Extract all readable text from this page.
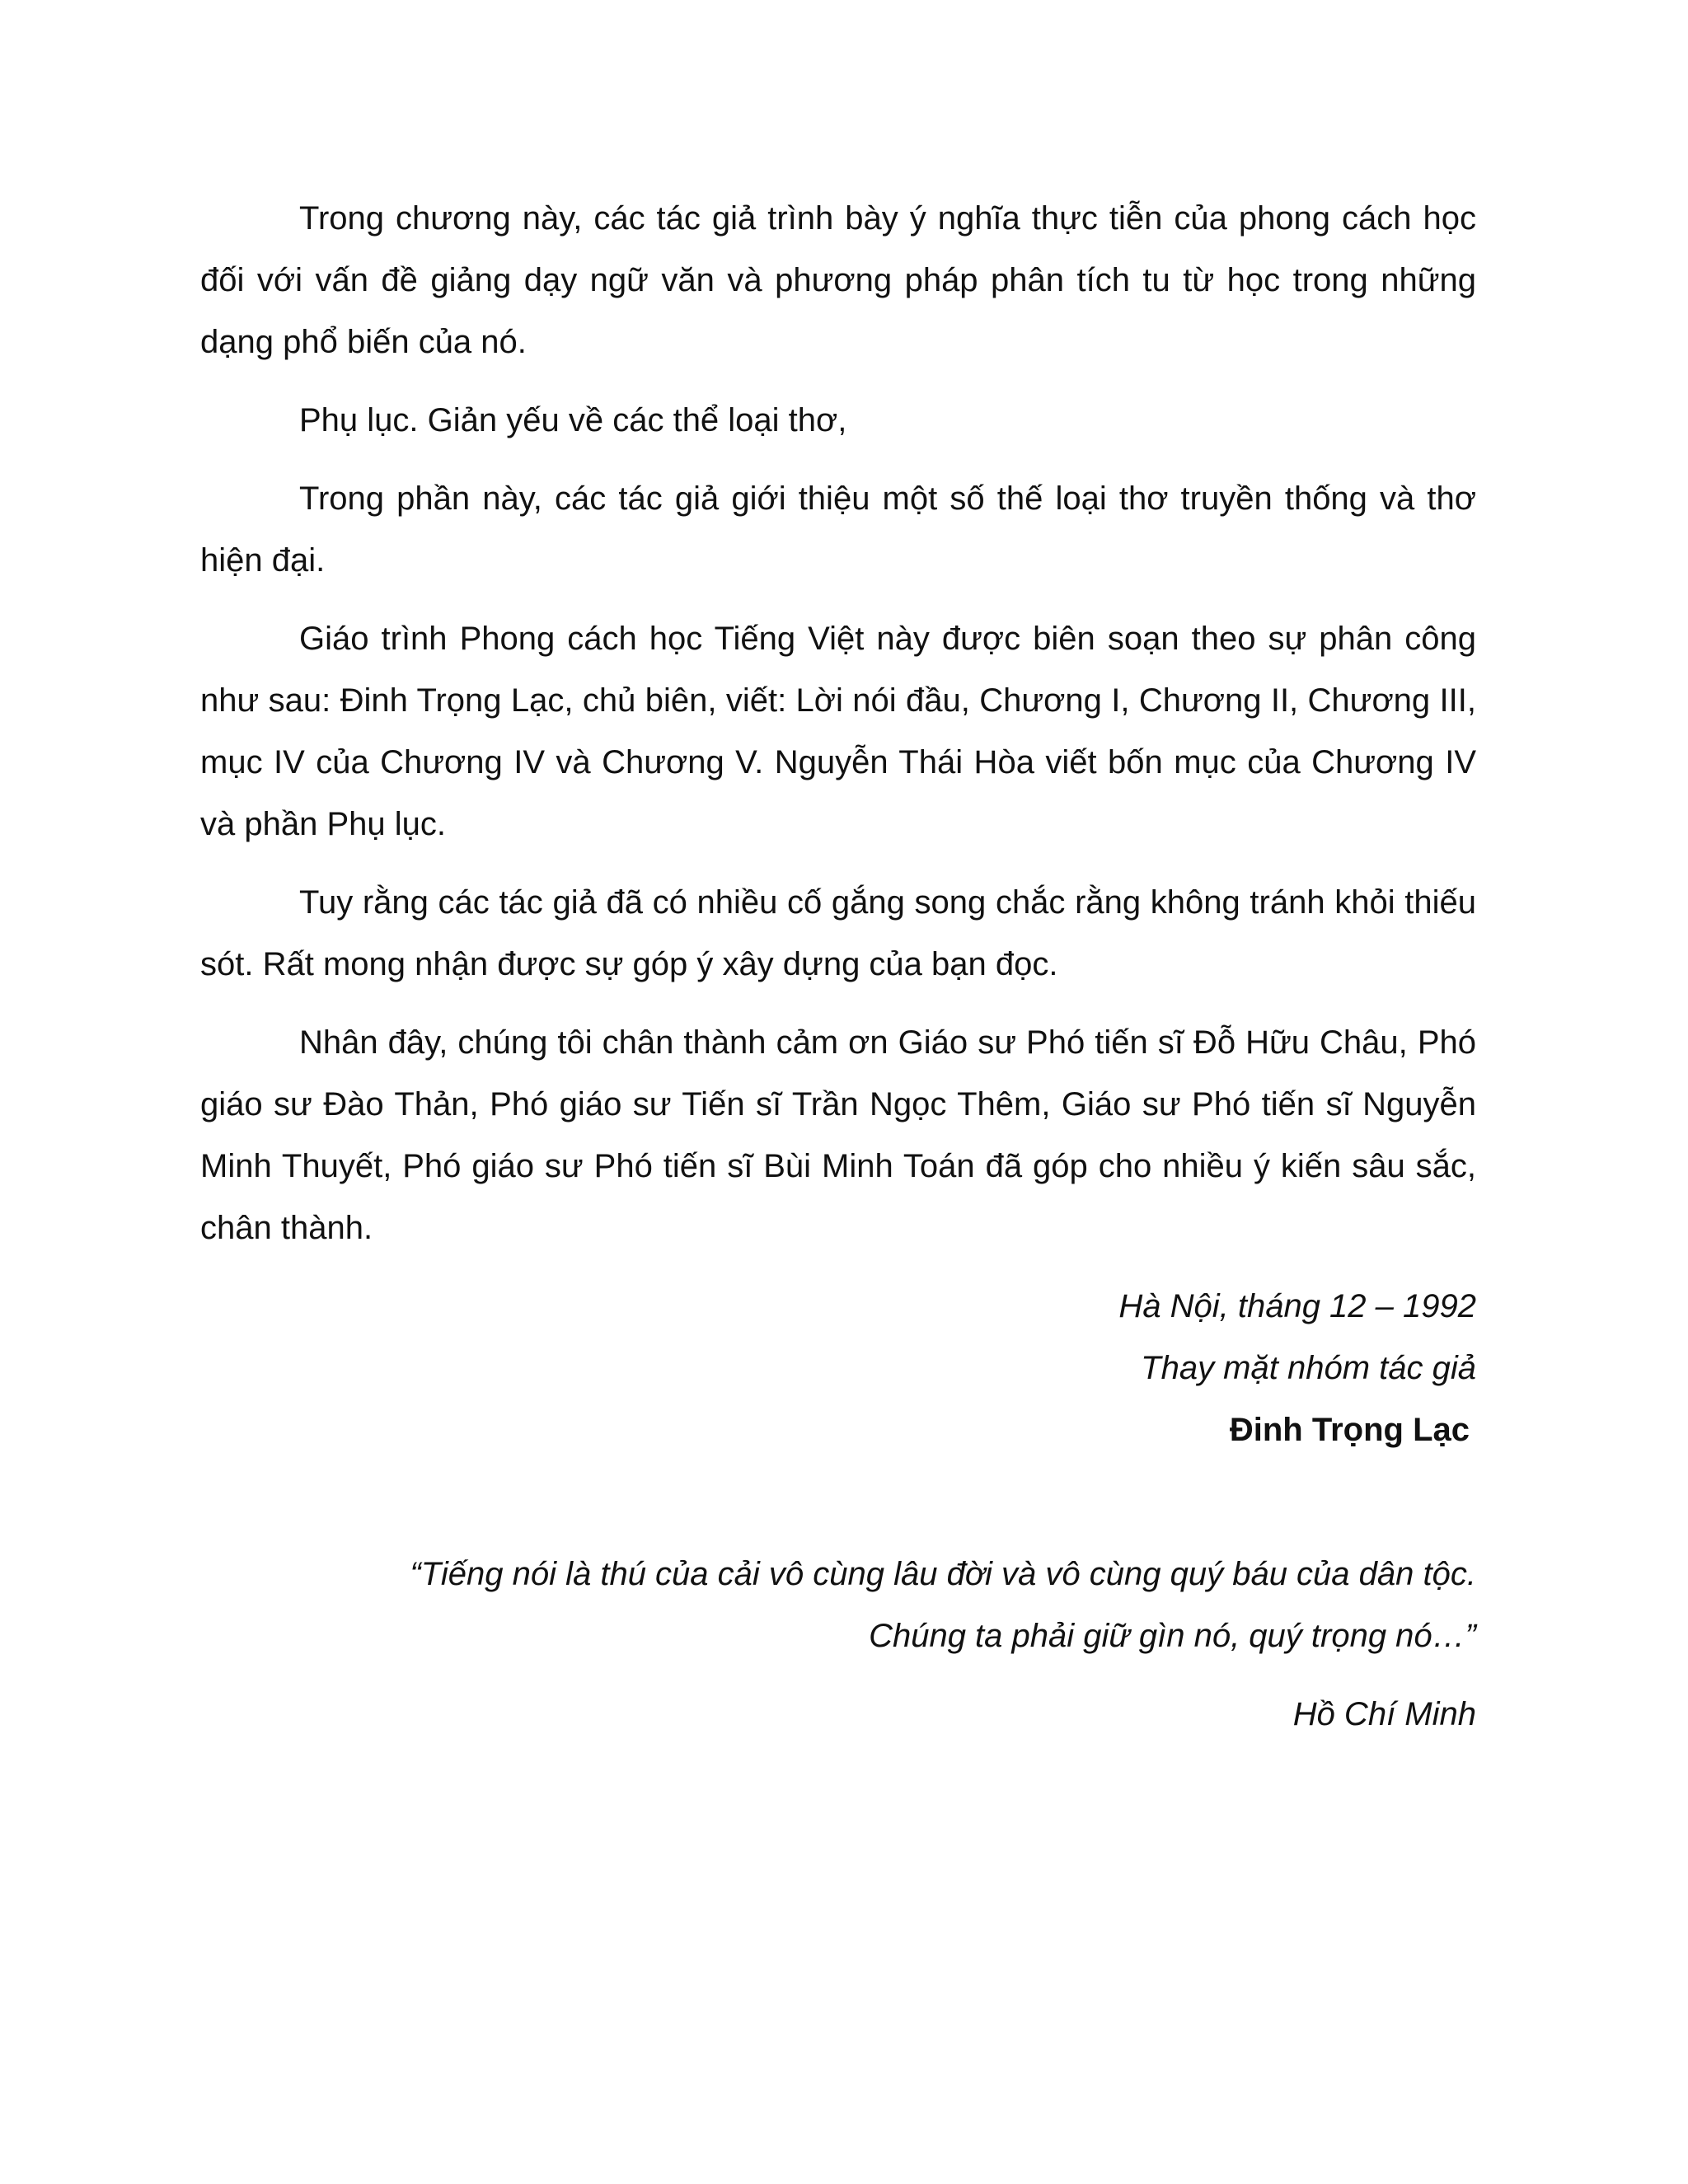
Trong chương này, các tác giả trình bày ý nghĩa thực tiễn của phong cách học đối với vấn đề giảng dạy ngữ văn và phương pháp phân tích tu từ học trong những dạng phổ biến của nó.

Phụ lục. Giản yếu về các thể loại thơ,

Trong phần này, các tác giả giới thiệu một số thế loại thơ truyền thống và thơ hiện đại.

Giáo trình Phong cách học Tiếng Việt này được biên soạn theo sự phân công như sau: Đinh Trọng Lạc, chủ biên, viết: Lời nói đầu, Chương I, Chương II, Chương III, mục IV của Chương IV và Chương V. Nguyễn Thái Hòa viết bốn mục của Chương IV và phần Phụ lục.

Tuy rằng các tác giả đã có nhiều cố gắng song chắc rằng không tránh khỏi thiếu sót. Rất mong nhận được sự góp ý xây dựng của bạn đọc.

Nhân đây, chúng tôi chân thành cảm ơn Giáo sư Phó tiến sĩ Đỗ Hữu Châu, Phó giáo sư Đào Thản, Phó giáo sư Tiến sĩ Trần Ngọc Thêm, Giáo sư Phó tiến sĩ Nguyễn Minh Thuyết, Phó giáo sư Phó tiến sĩ Bùi Minh Toán đã góp cho nhiều ý kiến sâu sắc, chân thành.

Hà Nội, tháng 12 – 1992
Thay mặt nhóm tác giả
Đinh Trọng Lạc
“Tiếng nói là thú của cải vô cùng lâu đời và vô cùng quý báu của dân tộc.
Chúng ta phải giữ gìn nó, quý trọng nó…”
Hồ Chí Minh
